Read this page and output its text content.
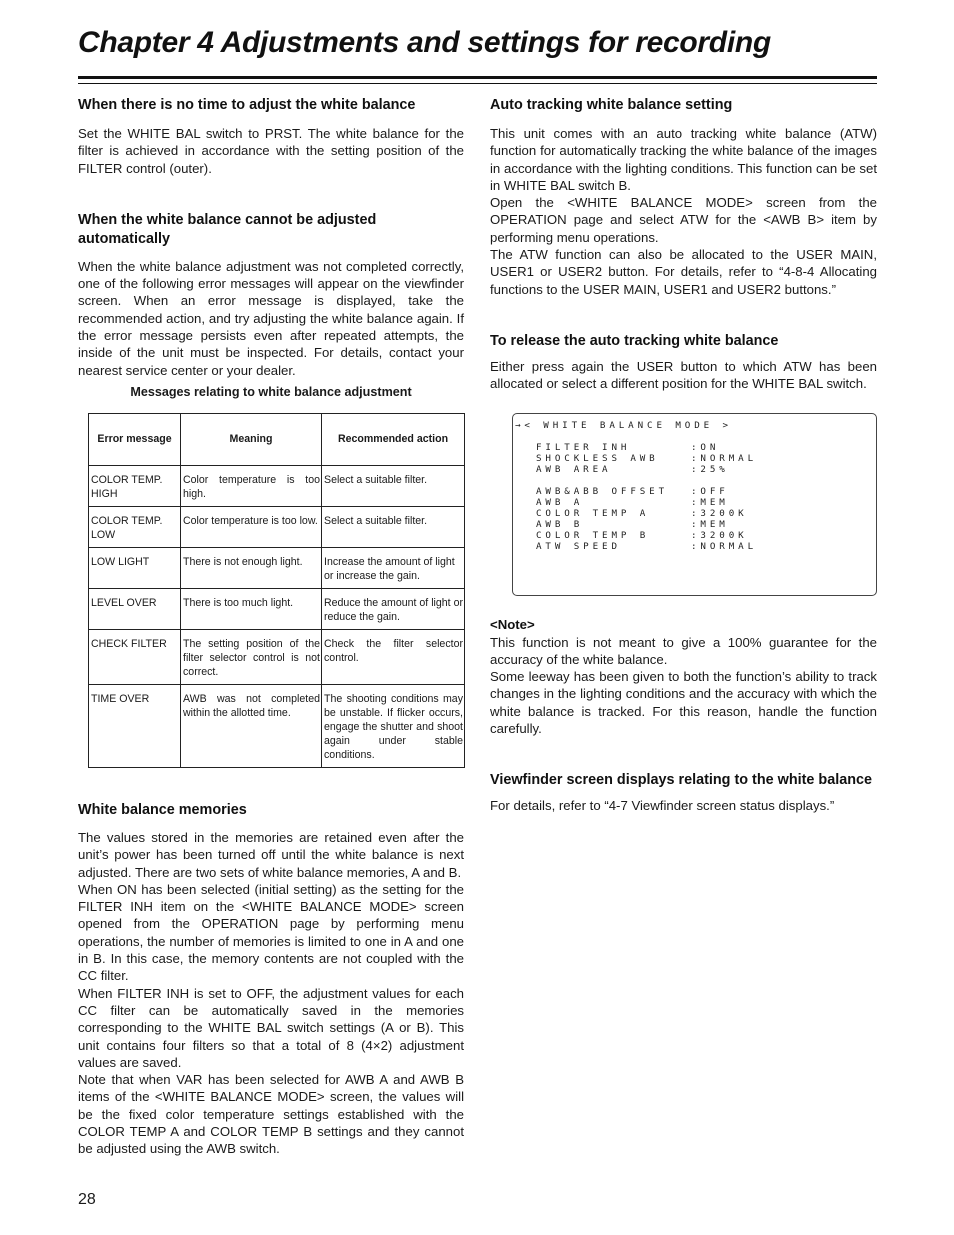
Chapter 4 Adjustments and settings for recording
When there is no time to adjust the white balance

Set the WHITE BAL switch to PRST. The white balance for the filter is achieved in accordance with the setting position of the FILTER control (outer).

When the white balance cannot be adjusted automatically

When the white balance adjustment was not completed correctly, one of the following error messages will appear on the viewfinder screen. When an error message is displayed, take the recommended action, and try adjusting the white balance again. If the error message persists even after repeated attempts, the inside of the unit must be inspected. For details, contact your nearest service center or your dealer.

Messages relating to white balance adjustment
Error message	Meaning	Recommended action
COLOR TEMP. HIGH	Color temperature is too high.	Select a suitable filter.
COLOR TEMP. LOW	Color temperature is too low.	Select a suitable filter.
LOW LIGHT	There is not enough light.	Increase the amount of light or increase the gain.
LEVEL OVER	There is too much light.	Reduce the amount of light or reduce the gain.
CHECK FILTER	The setting position of the filter selector control is not correct.	Check the filter selector control.
TIME OVER	AWB was not completed within the allotted time.	The shooting conditions may be unstable. If flicker occurs, engage the shutter and shoot again under stable conditions.
White balance memories

The values stored in the memories are retained even after the unit’s power has been turned off until the white balance is next adjusted. There are two sets of white balance memories, A and B.

When ON has been selected (initial setting) as the setting for the FILTER INH item on the <WHITE BALANCE MODE> screen opened from the OPERATION page by performing menu operations, the number of memories is limited to one in A and one in B. In this case, the memory contents are not coupled with the CC filter.

When FILTER INH is set to OFF, the adjustment values for each CC filter can be automatically saved in the memories corresponding to the WHITE BAL switch settings (A or B). This unit contains four filters so that a total of 8 (4×2) adjustment values are saved.

Note that when VAR has been selected for AWB A and AWB B items of the <WHITE BALANCE MODE> screen, the values will be the fixed color temperature settings established with the COLOR TEMP A and COLOR TEMP B settings and they cannot be adjusted using the AWB switch.

Auto tracking white balance setting

This unit comes with an auto tracking white balance (ATW) function for automatically tracking the white balance of the images in accordance with the lighting conditions. This function can be set in WHITE BAL switch B.

Open the <WHITE BALANCE MODE> screen from the OPERATION page and select ATW for the <AWB B> item by performing menu operations.

The ATW function can also be allocated to the USER MAIN, USER1 or USER2 button. For details, refer to “4-8-4 Allocating functions to the USER MAIN, USER1 and USER2 buttons.”

To release the auto tracking white balance

Either press again the USER button to which ATW has been allocated or select a different position for the WHITE BAL switch.

→< WHITE BALANCE MODE >
FILTER INH	:ON
SHOCKLESS AWB	:NORMAL
AWB AREA	:25%
AWB&ABB OFFSET :OFF
AWB A	:MEM
COLOR TEMP A	:3200K
AWB B	:MEM
COLOR TEMP B	:3200K
ATW SPEED	:NORMAL
<Note>

This function is not meant to give a 100% guarantee for the accuracy of the white balance.

Some leeway has been given to both the function’s ability to track changes in the lighting conditions and the accuracy with which the white balance is tracked. For this reason, handle the function carefully.

Viewfinder screen displays relating to the white balance

For details, refer to “4-7 Viewfinder screen status displays.”

28
